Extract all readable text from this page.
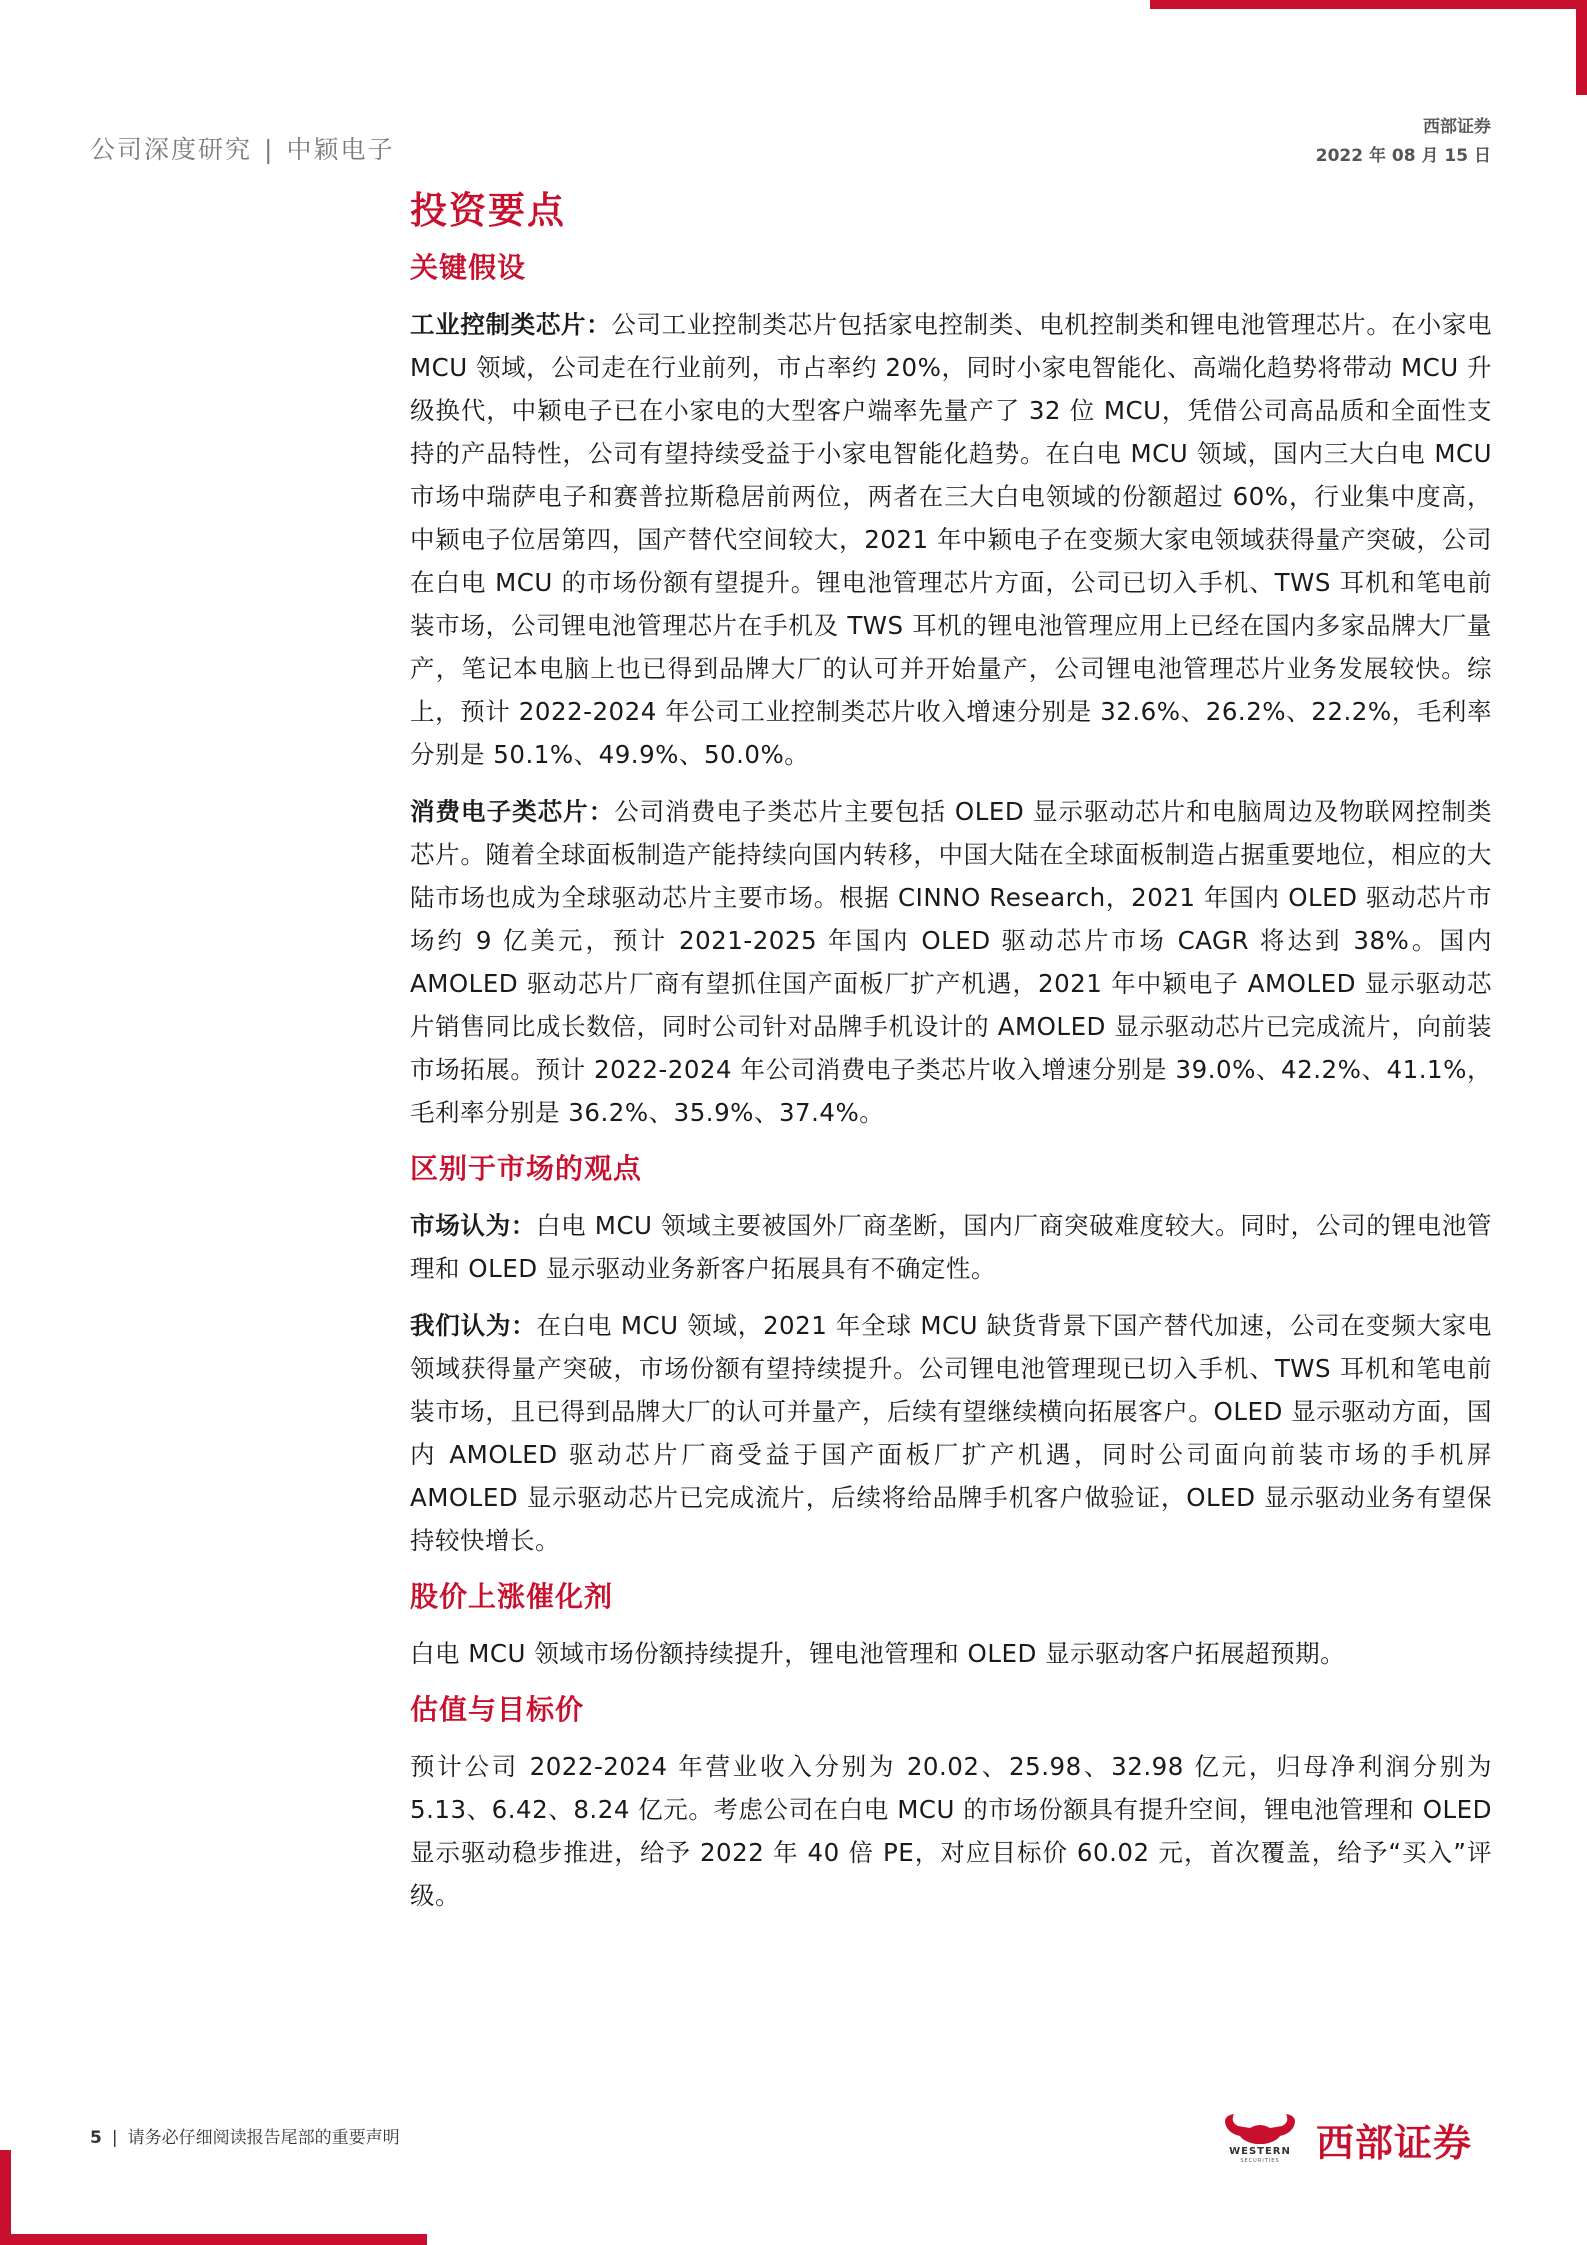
公司深度研究 | 中颖电子
西部证券
2022 年 08 月 15 日
投资要点
关键假设

工业控制类芯片：公司工业控制类芯片包括家电控制类、电机控制类和锂电池管理芯片。在小家电 MCU 领域，公司走在行业前列，市占率约 20%，同时小家电智能化、高端化趋势将带动 MCU 升级换代，中颖电子已在小家电的大型客户端率先量产了 32 位 MCU，凭借公司高品质和全面性支持的产品特性，公司有望持续受益于小家电智能化趋势。在白电 MCU 领域，国内三大白电 MCU 市场中瑞萨电子和赛普拉斯稳居前两位，两者在三大白电领域的份额超过 60%，行业集中度高，中颖电子位居第四，国产替代空间较大，2021 年中颖电子在变频大家电领域获得量产突破，公司在白电 MCU 的市场份额有望提升。锂电池管理芯片方面，公司已切入手机、TWS 耳机和笔电前装市场，公司锂电池管理芯片在手机及 TWS 耳机的锂电池管理应用上已经在国内多家品牌大厂量产，笔记本电脑上也已得到品牌大厂的认可并开始量产，公司锂电池管理芯片业务发展较快。综上，预计 2022-2024 年公司工业控制类芯片收入增速分别是 32.6%、26.2%、22.2%，毛利率分别是 50.1%、49.9%、50.0%。

消费电子类芯片：公司消费电子类芯片主要包括 OLED 显示驱动芯片和电脑周边及物联网控制类芯片。随着全球面板制造产能持续向国内转移，中国大陆在全球面板制造占据重要地位，相应的大陆市场也成为全球驱动芯片主要市场。根据 CINNO Research，2021 年国内 OLED 驱动芯片市场约 9 亿美元，预计 2021-2025 年国内 OLED 驱动芯片市场 CAGR 将达到 38%。国内 AMOLED 驱动芯片厂商有望抓住国产面板厂扩产机遇，2021 年中颖电子 AMOLED 显示驱动芯片销售同比成长数倍，同时公司针对品牌手机设计的 AMOLED 显示驱动芯片已完成流片，向前装市场拓展。预计 2022-2024 年公司消费电子类芯片收入增速分别是 39.0%、42.2%、41.1%，毛利率分别是 36.2%、35.9%、37.4%。

区别于市场的观点

市场认为：白电 MCU 领域主要被国外厂商垄断，国内厂商突破难度较大。同时，公司的锂电池管理和 OLED 显示驱动业务新客户拓展具有不确定性。

我们认为：在白电 MCU 领域，2021 年全球 MCU 缺货背景下国产替代加速，公司在变频大家电领域获得量产突破，市场份额有望持续提升。公司锂电池管理现已切入手机、TWS 耳机和笔电前装市场，且已得到品牌大厂的认可并量产，后续有望继续横向拓展客户。OLED 显示驱动方面，国内 AMOLED 驱动芯片厂商受益于国产面板厂扩产机遇，同时公司面向前装市场的手机屏 AMOLED 显示驱动芯片已完成流片，后续将给品牌手机客户做验证，OLED 显示驱动业务有望保持较快增长。

股价上涨催化剂

白电 MCU 领域市场份额持续提升，锂电池管理和 OLED 显示驱动客户拓展超预期。

估值与目标价

预计公司 2022-2024 年营业收入分别为 20.02、25.98、32.98 亿元，归母净利润分别为 5.13、6.42、8.24 亿元。考虑公司在白电 MCU 的市场份额具有提升空间，锂电池管理和 OLED 显示驱动稳步推进，给予 2022 年 40 倍 PE，对应目标价 60.02 元，首次覆盖，给予“买入”评级。

5 | 请务必仔细阅读报告尾部的重要声明
WESTERN
SECURITIES 西部证券
